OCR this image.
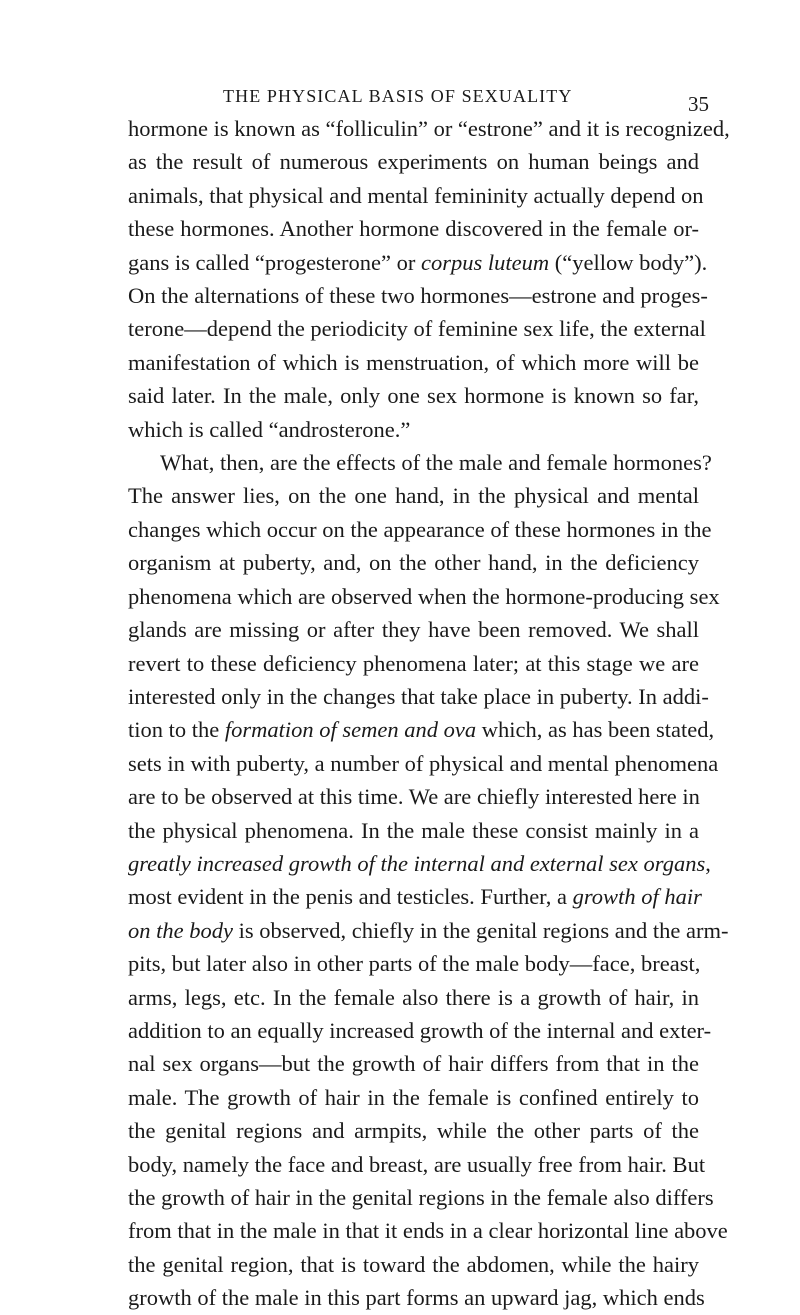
THE PHYSICAL BASIS OF SEXUALITY	35
hormone is known as “folliculin” or “estrone” and it is recognized,
as the result of numerous experiments on human beings and
animals, that physical and mental femininity actually depend on
these hormones. Another hormone discovered in the female or-
gans is called “progesterone” or corpus luteum (“yellow body”).
On the alternations of these two hormones—estrone and proges-
terone—depend the periodicity of feminine sex life, the external
manifestation of which is menstruation, of which more will be
said later. In the male, only one sex hormone is known so far,
which is called “androsterone.”
What, then, are the effects of the male and female hormones?
The answer lies, on the one hand, in the physical and mental
changes which occur on the appearance of these hormones in the
organism at puberty, and, on the other hand, in the deficiency
phenomena which are observed when the hormone-producing sex
glands are missing or after they have been removed. We shall
revert to these deficiency phenomena later; at this stage we are
interested only in the changes that take place in puberty. In addi-
tion to the formation of semen and ova which, as has been stated,
sets in with puberty, a number of physical and mental phenomena
are to be observed at this time. We are chiefly interested here in
the physical phenomena. In the male these consist mainly in a
greatly increased growth of the internal and external sex organs,
most evident in the penis and testicles. Further, a growth of hair
on the body is observed, chiefly in the genital regions and the arm-
pits, but later also in other parts of the male body—face, breast,
arms, legs, etc. In the female also there is a growth of hair, in
addition to an equally increased growth of the internal and exter-
nal sex organs—but the growth of hair differs from that in the
male. The growth of hair in the female is confined entirely to
the genital regions and armpits, while the other parts of the
body, namely the face and breast, are usually free from hair. But
the growth of hair in the genital regions in the female also differs
from that in the male in that it ends in a clear horizontal line above
the genital region, that is toward the abdomen, while the hairy
growth of the male in this part forms an upward jag, which ends
